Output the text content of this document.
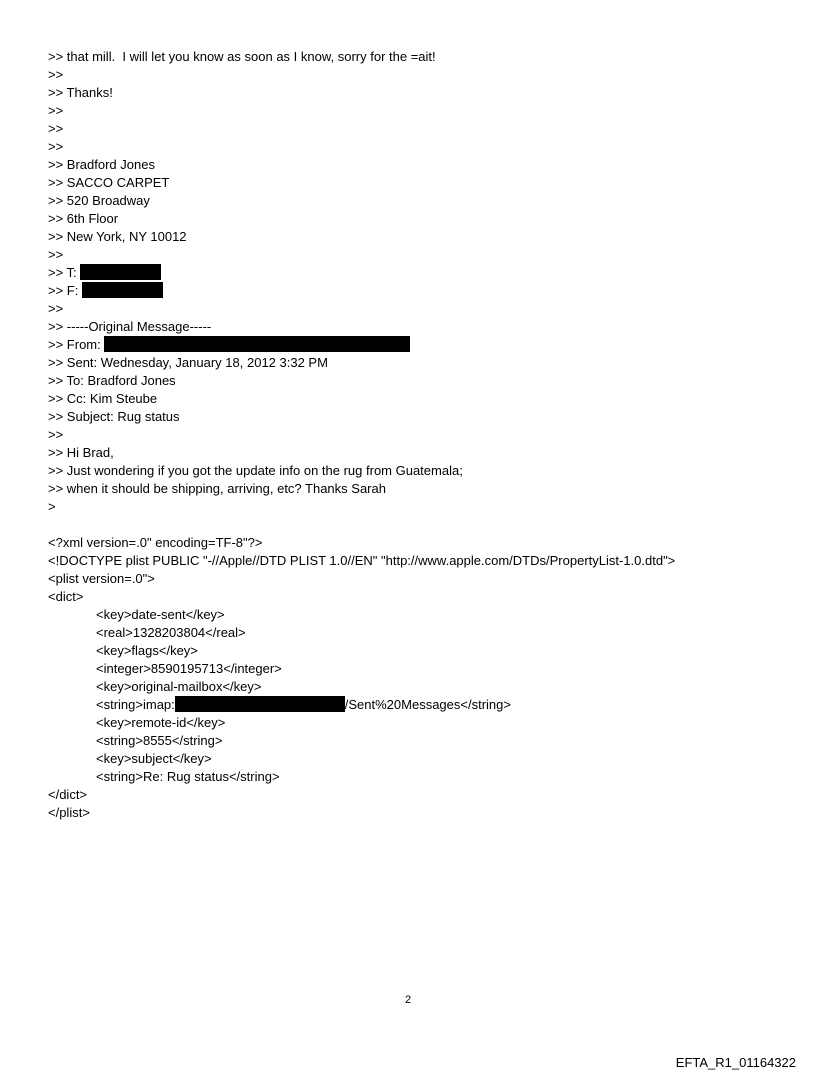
>> that mill.  I will let you know as soon as I know, sorry for the =ait!
>>
>> Thanks!
>>
>>
>>
>> Bradford Jones
>> SACCO CARPET
>> 520 Broadway
>> 6th Floor
>> New York, NY 10012
>>
>> T:
>> F:
>>
>> -----Original Message-----
>> From:
>> Sent: Wednesday, January 18, 2012 3:32 PM
>> To: Bradford Jones
>> Cc: Kim Steube
>> Subject: Rug status
>>
>> Hi Brad,
>> Just wondering if you got the update info on the rug from Guatemala;
>> when it should be shipping, arriving, etc? Thanks Sarah
>
<?xml version=.0" encoding=TF-8"?>
<!DOCTYPE plist PUBLIC "-//Apple//DTD PLIST 1.0//EN" "http://www.apple.com/DTDs/PropertyList-1.0.dtd">
<plist version=.0">
<dict>
<key>date-sent</key>
<real>1328203804</real>
<key>flags</key>
<integer>8590195713</integer>
<key>original-mailbox</key>
<string>imap:	/Sent%20Messages</string>
<key>remote-id</key>
<string>8555</string>
<key>subject</key>
<string>Re: Rug status</string>
</dict>
</plist>
2
EFTA_R1_01164322
